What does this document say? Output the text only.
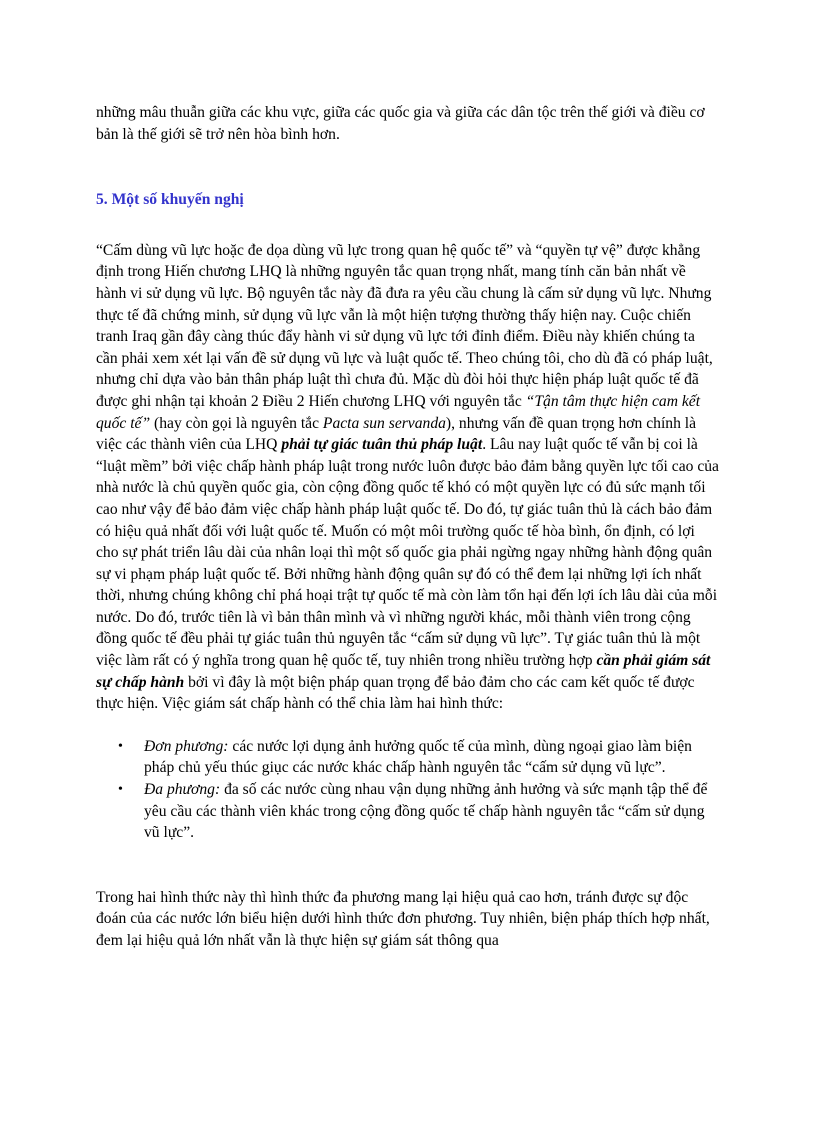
những mâu thuẫn giữa các khu vực, giữa các quốc gia và giữa các dân tộc trên thế giới và điều cơ bản là thế giới sẽ trở nên hòa bình hơn.

5. Một số khuyến nghị

“Cấm dùng vũ lực hoặc đe dọa dùng vũ lực trong quan hệ quốc tế” và “quyền tự vệ” được khẳng định trong Hiến chương LHQ là những nguyên tắc quan trọng nhất, mang tính căn bản nhất về hành vi sử dụng vũ lực. Bộ nguyên tắc này đã đưa ra yêu cầu chung là cấm sử dụng vũ lực. Nhưng thực tế đã chứng minh, sử dụng vũ lực vẫn là một hiện tượng thường thấy hiện nay. Cuộc chiến tranh Iraq gần đây càng thúc đẩy hành vi sử dụng vũ lực tới đỉnh điểm. Điều này khiến chúng ta cần phải xem xét lại vấn đề sử dụng vũ lực và luật quốc tế. Theo chúng tôi, cho dù đã có pháp luật, nhưng chỉ dựa vào bản thân pháp luật thì chưa đủ. Mặc dù đòi hỏi thực hiện pháp luật quốc tế đã được ghi nhận tại khoản 2 Điều 2 Hiến chương LHQ với nguyên tắc “Tận tâm thực hiện cam kết quốc tế” (hay còn gọi là nguyên tắc Pacta sun servanda), nhưng vấn đề quan trọng hơn chính là việc các thành viên của LHQ phải tự giác tuân thủ pháp luật. Lâu nay luật quốc tế vẫn bị coi là “luật mềm” bởi việc chấp hành pháp luật trong nước luôn được bảo đảm bằng quyền lực tối cao của nhà nước là chủ quyền quốc gia, còn cộng đồng quốc tế khó có một quyền lực có đủ sức mạnh tối cao như vậy để bảo đảm việc chấp hành pháp luật quốc tế. Do đó, tự giác tuân thủ là cách bảo đảm có hiệu quả nhất đối với luật quốc tế. Muốn có một môi trường quốc tế hòa bình, ổn định, có lợi cho sự phát triển lâu dài của nhân loại thì một số quốc gia phải ngừng ngay những hành động quân sự vi phạm pháp luật quốc tế. Bởi những hành động quân sự đó có thể đem lại những lợi ích nhất thời, nhưng chúng không chỉ phá hoại trật tự quốc tế mà còn làm tổn hại đến lợi ích lâu dài của mỗi nước. Do đó, trước tiên là vì bản thân mình và vì những người khác, mỗi thành viên trong cộng đồng quốc tế đều phải tự giác tuân thủ nguyên tắc “cấm sử dụng vũ lực”. Tự giác tuân thủ là một việc làm rất có ý nghĩa trong quan hệ quốc tế, tuy nhiên trong nhiều trường hợp cần phải giám sát sự chấp hành bởi vì đây là một biện pháp quan trọng để bảo đảm cho các cam kết quốc tế được thực hiện. Việc giám sát chấp hành có thể chia làm hai hình thức:

• Đơn phương: các nước lợi dụng ảnh hưởng quốc tế của mình, dùng ngoại giao làm biện pháp chủ yếu thúc giục các nước khác chấp hành nguyên tắc “cấm sử dụng vũ lực”.
• Đa phương: đa số các nước cùng nhau vận dụng những ảnh hưởng và sức mạnh tập thể để yêu cầu các thành viên khác trong cộng đồng quốc tế chấp hành nguyên tắc “cấm sử dụng vũ lực”.

Trong hai hình thức này thì hình thức đa phương mang lại hiệu quả cao hơn, tránh được sự độc đoán của các nước lớn biểu hiện dưới hình thức đơn phương. Tuy nhiên, biện pháp thích hợp nhất, đem lại hiệu quả lớn nhất vẫn là thực hiện sự giám sát thông qua
